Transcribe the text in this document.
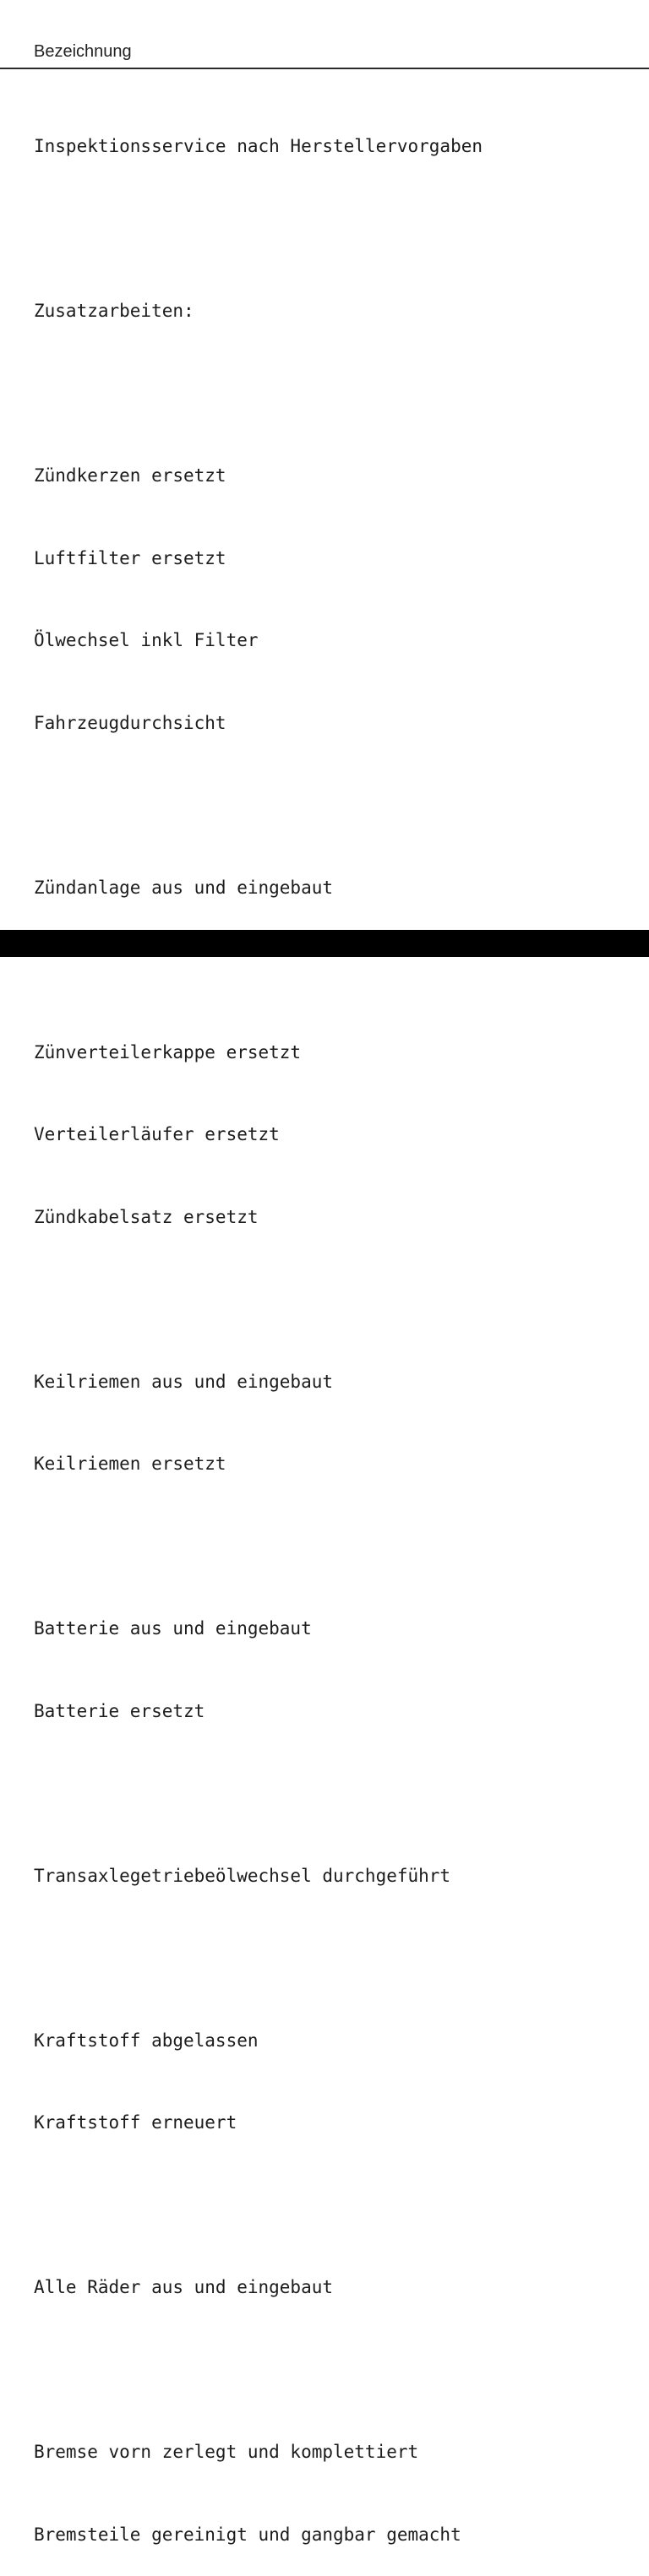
Bezeichnung

Inspektionsservice nach Herstellervorgaben

Zusatzarbeiten:

Zündkerzen ersetzt

Luftfilter ersetzt

Ölwechsel inkl Filter

Fahrzeugdurchsicht

Zündanlage aus und eingebaut

Zünverteilerkappe ersetzt

Verteilerläufer ersetzt

Zündkabelsatz ersetzt

Keilriemen aus und eingebaut

Keilriemen ersetzt

Batterie aus und eingebaut

Batterie ersetzt

Transaxlegetriebeölwechsel durchgeführt

Kraftstoff abgelassen

Kraftstoff erneuert

Alle Räder aus und eingebaut

Bremse vorn zerlegt und komplettiert

Bremsteile gereinigt und gangbar gemacht
